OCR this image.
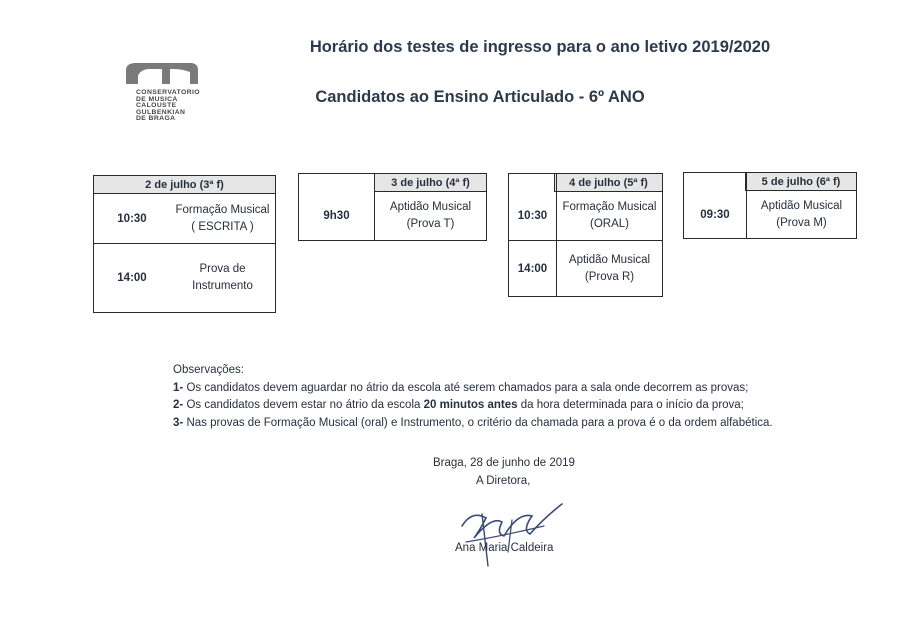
CONSERVATORIO
DE MUSICA
CALOUSTE
GULBENKIAN
DE BRAGA
Horário dos testes de ingresso para o ano letivo 2019/2020
Candidatos ao Ensino Articulado - 6º ANO
2 de julho (3ª f)
10:30
Formação Musical
( ESCRITA )
14:00
Prova de
Instrumento
3 de julho (4ª f)
9h30
Aptidão Musical
(Prova T)
4 de julho (5ª f)
10:30
Formação Musical
(ORAL)
14:00
Aptidão Musical
(Prova R)
5 de julho (6ª f)
09:30
Aptidão Musical
(Prova M)
Observações:
1- Os candidatos devem aguardar no átrio da escola até serem chamados para a sala onde decorrem as provas;
2- Os candidatos devem estar no átrio da escola 20 minutos antes da hora determinada para o início da prova;
3- Nas provas de Formação Musical (oral) e Instrumento, o critério da chamada para a prova é o da ordem alfabética.
Braga, 28 de junho de 2019
A Diretora,
Ana Maria Caldeira
